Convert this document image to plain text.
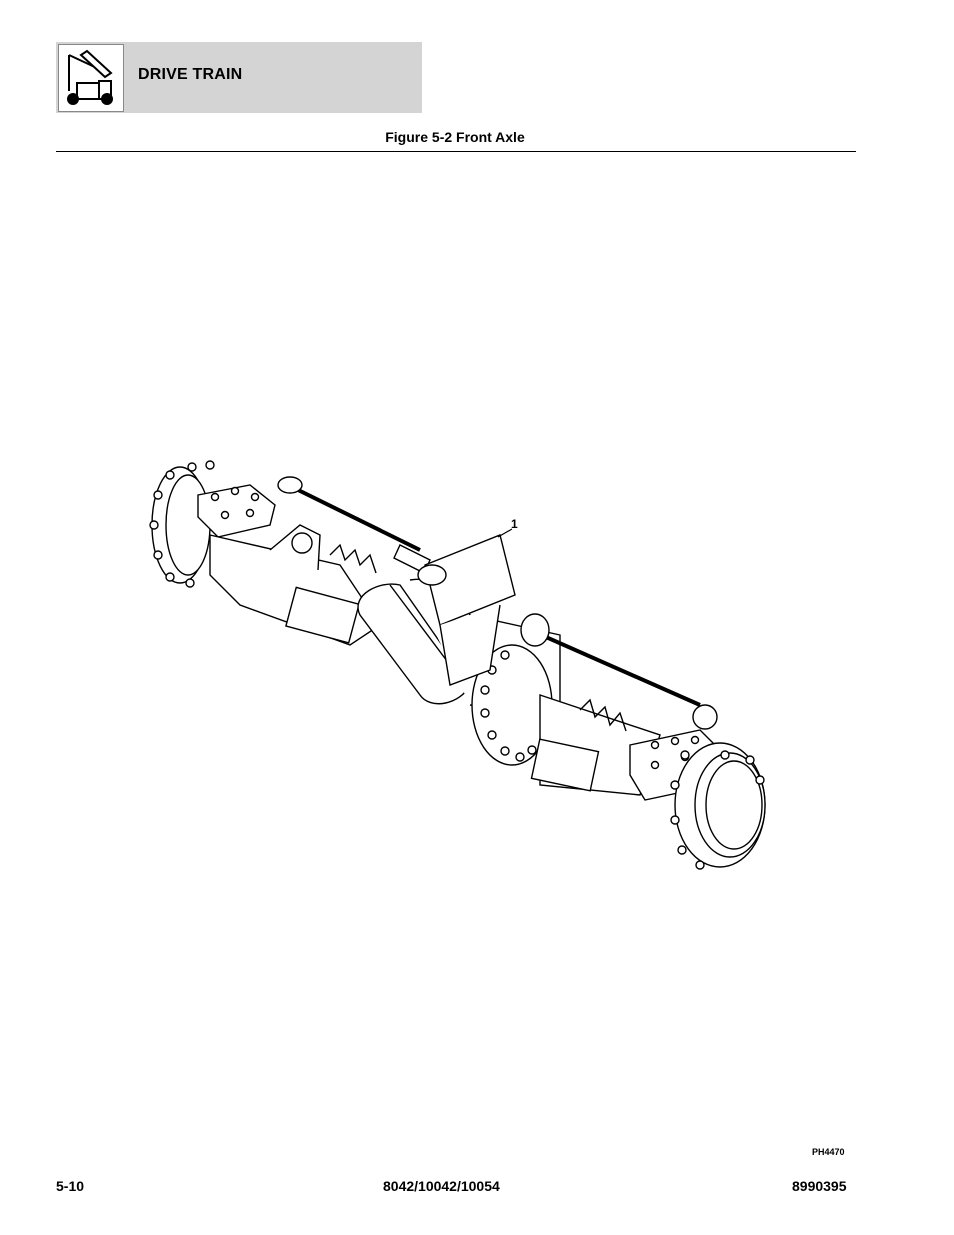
DRIVE TRAIN
Figure 5-2 Front Axle
1
PH4470
5-10	8042/10042/10054	8990395
